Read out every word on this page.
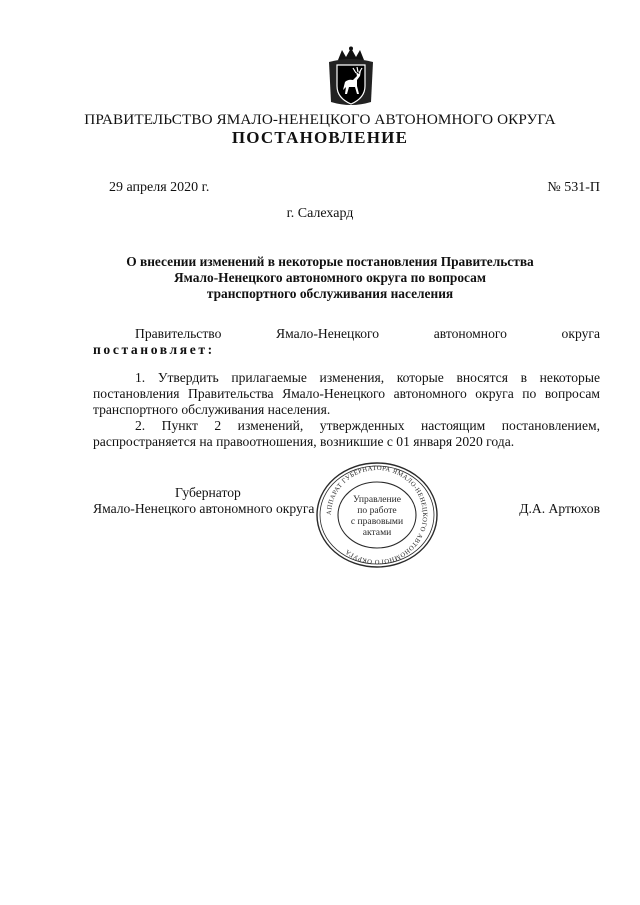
ПРАВИТЕЛЬСТВО ЯМАЛО-НЕНЕЦКОГО АВТОНОМНОГО ОКРУГА
ПОСТАНОВЛЕНИЕ
29 апреля 2020 г.	№ 531-П
г. Салехард
О внесении изменений в некоторые постановления Правительства
Ямало-Ненецкого автономного округа по вопросам
транспортного обслуживания населения
Правительство	Ямало-Ненецкого	автономного	округа
постановляет:
1. Утвердить прилагаемые изменения, которые вносятся в некоторые постановления Правительства Ямало-Ненецкого автономного округа по вопросам транспортного обслуживания населения.
2. Пункт 2 изменений, утвержденных настоящим постановлением, распространяется на правоотношения, возникшие с 01 января 2020 года.
АППАРАТ ГУБЕРНАТОРА ЯМАЛО-НЕНЕЦКОГО АВТОНОМНОГО ОКРУГА
Управление
по работе
с правовыми
актами
Губернатор
Ямало-Ненецкого автономного округа	Д.А. Артюхов
